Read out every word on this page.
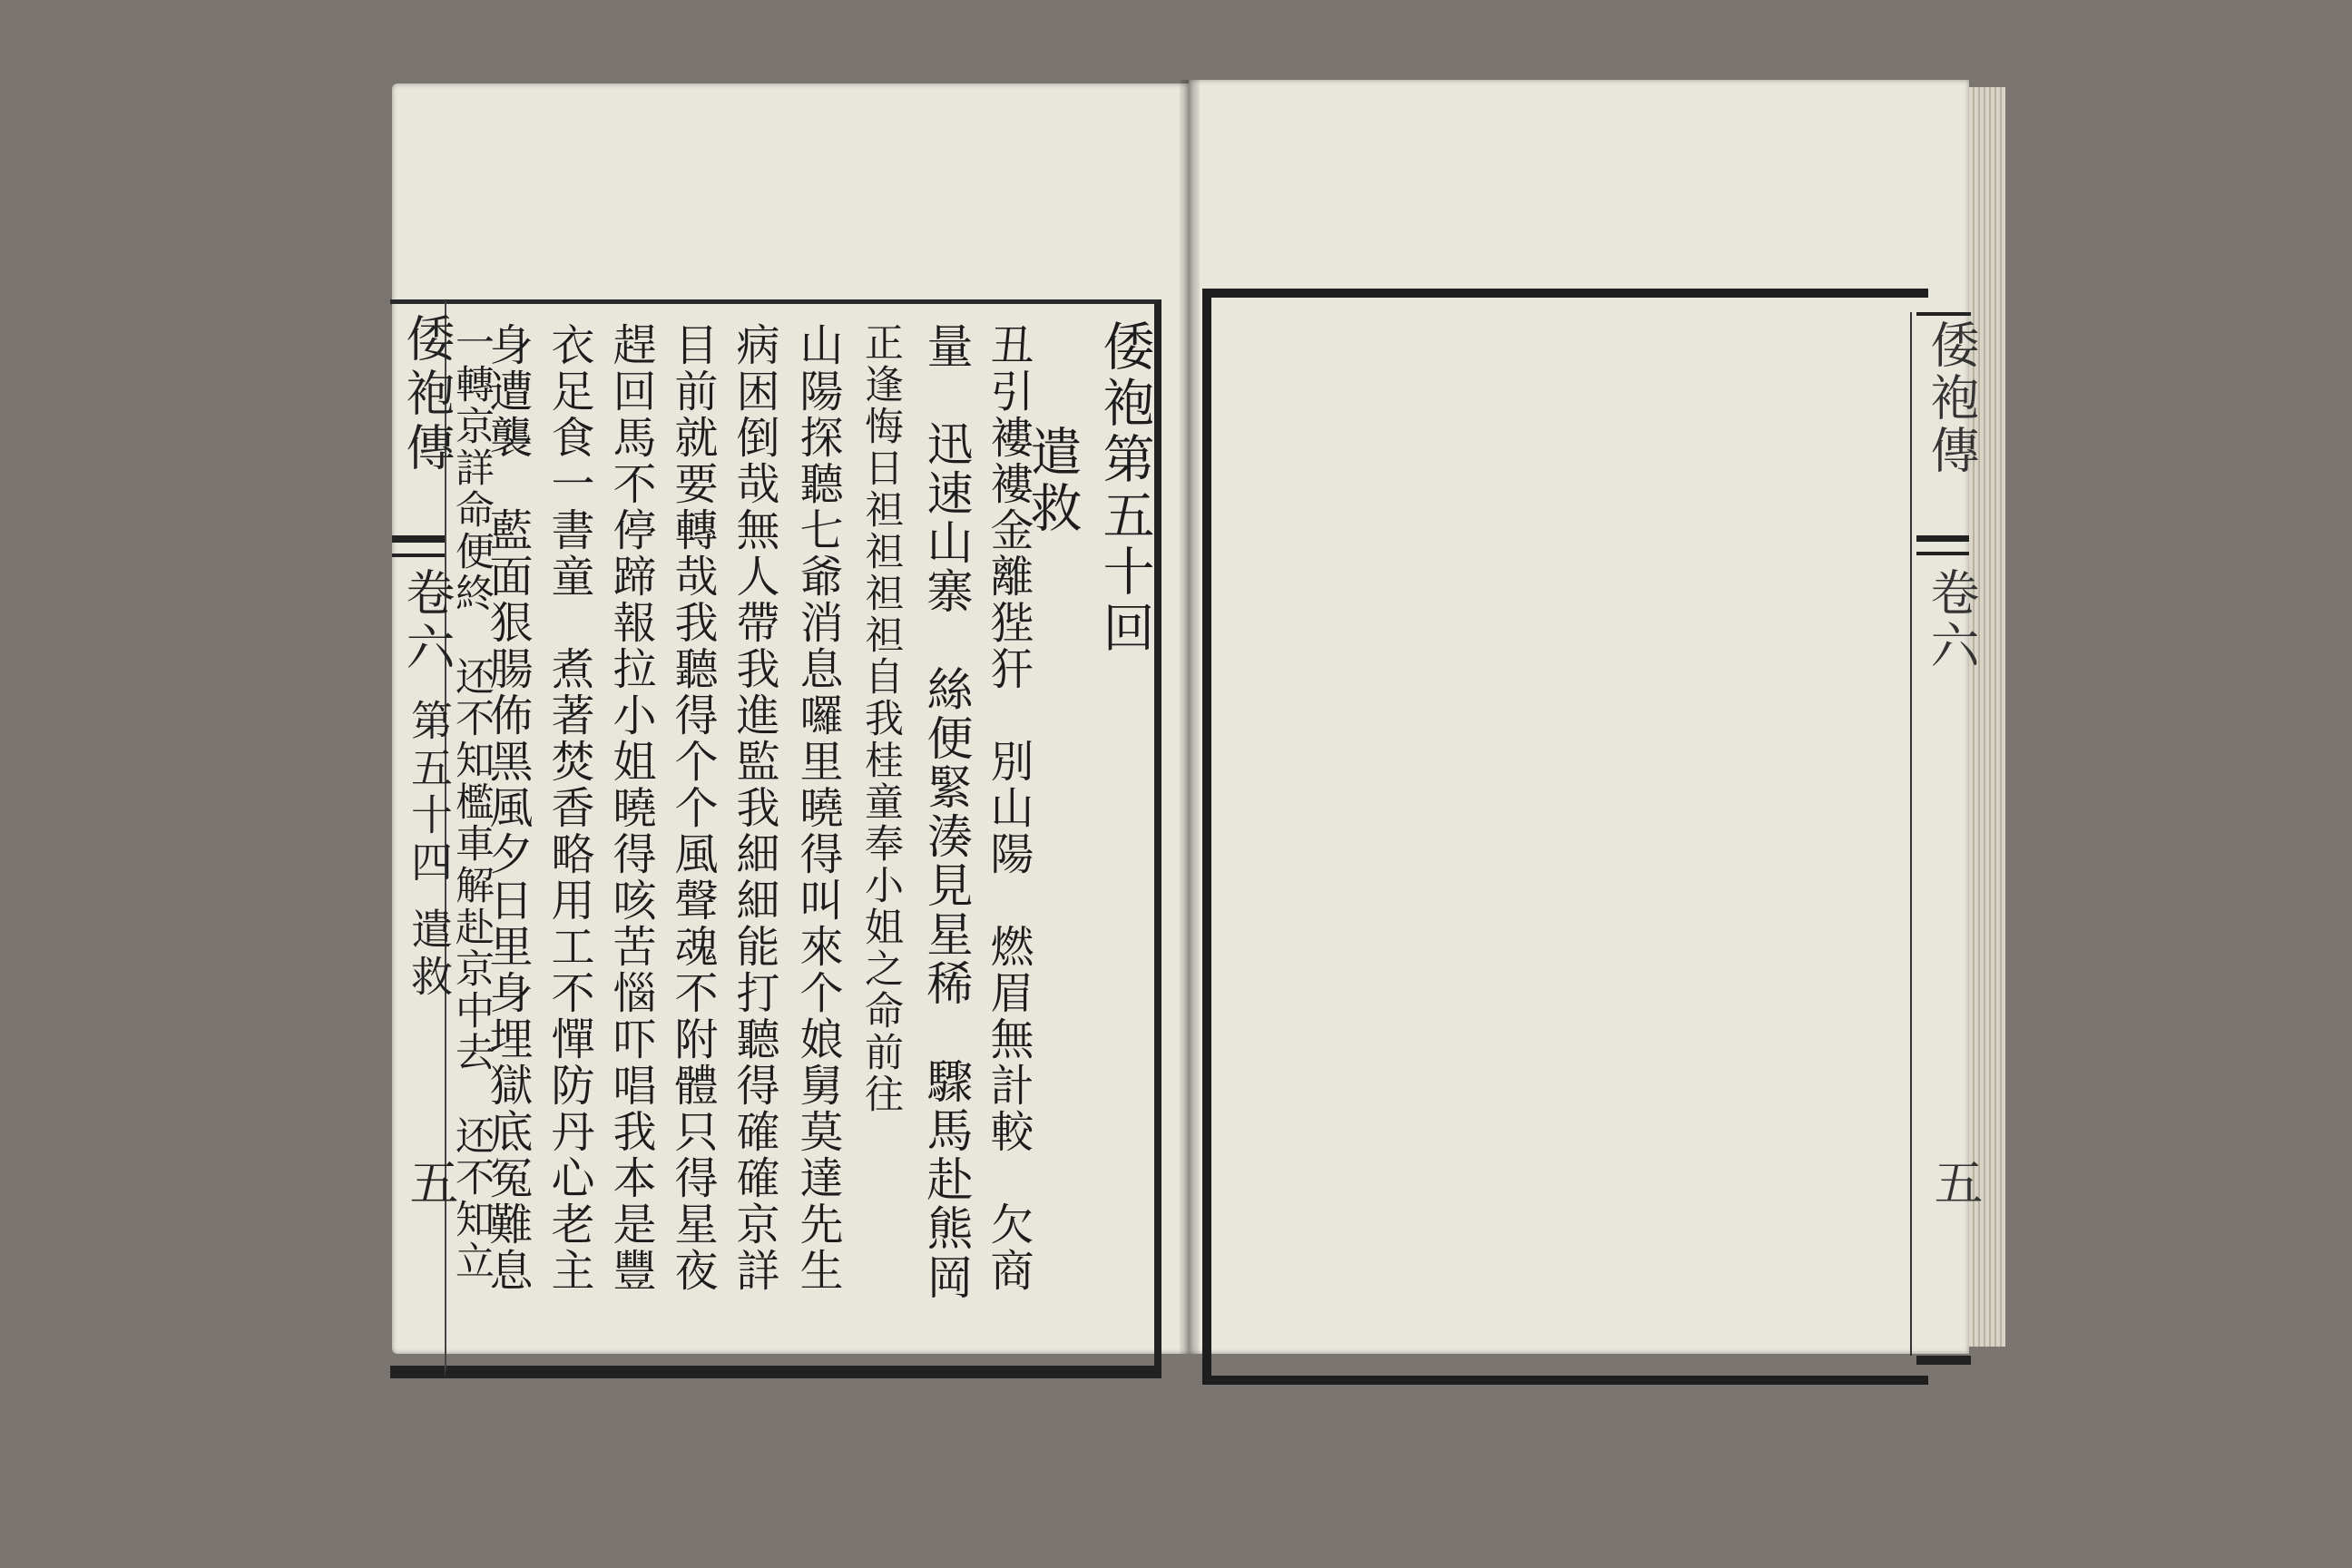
倭袍傳
卷六
第五十四
遣救
五
倭袍第五十回
遣救
丑引褸褸金離狴犴　別山陽　燃眉無計較　欠商
量　迅速山寨　絲便緊湊見星稀　驟馬赴熊岡
正逢悔日𥘵𥘵𥘵𥘵自我桂童奉小姐之命前往
山陽探聽七爺消息囉里曉得叫來个娘舅莫達先生
病困倒哉無人帶我進監我細細能打聽得確確京詳
目前就要轉哉我聽得个个風聲魂不附體只得星夜
趕回馬不停蹄報拉小姐曉得咳苦惱吓唱我本是豐
衣足食一書童　煮著焚香略用工不憚防丹心老主
身遭襲　藍面狠腸佈黑風夕日里身埋獄底冤難息
一轉京詳命便終　还不知檻車解赴京中去　还不知立	倭袍傳
卷六
五
